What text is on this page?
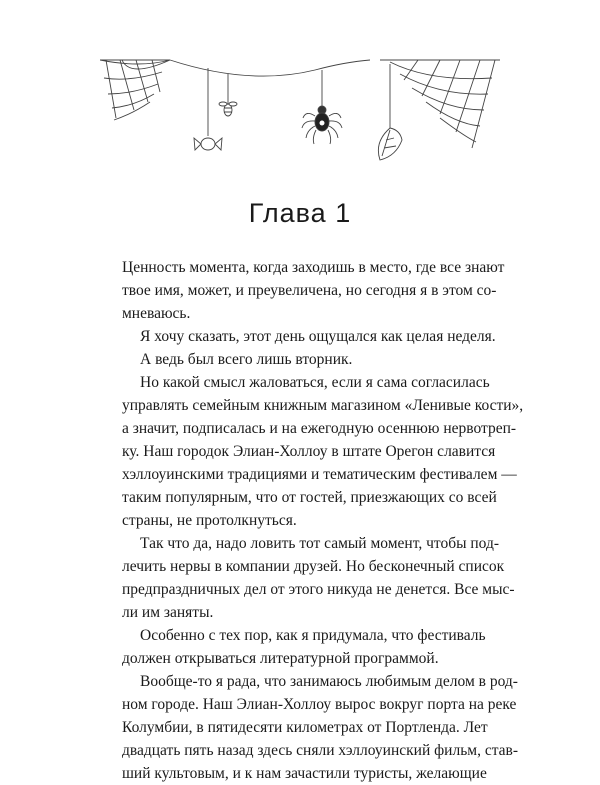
Глава 1
Ценность момента, когда заходишь в место, где все знают
твое имя, может, и преувеличена, но сегодня я в этом со-
мневаюсь.
Я хочу сказать, этот день ощущался как целая неделя.
А ведь был всего лишь вторник.
Но какой смысл жаловаться, если я сама согласилась
управлять семейным книжным магазином «Ленивые кости»,
а значит, подписалась и на ежегодную осеннюю нервотреп-
ку. Наш городок Элиан-Холлоу в штате Орегон славится
хэллоуинскими традициями и тематическим фестивалем —
таким популярным, что от гостей, приезжающих со всей
страны, не протолкнуться.
Так что да, надо ловить тот самый момент, чтобы под-
лечить нервы в компании друзей. Но бесконечный список
предпраздничных дел от этого никуда не денется. Все мыс-
ли им заняты.
Особенно с тех пор, как я придумала, что фестиваль
должен открываться литературной программой.
Вообще-то я рада, что занимаюсь любимым делом в род-
ном городе. Наш Элиан-Холлоу вырос вокруг порта на реке
Колумбии, в пятидесяти километрах от Портленда. Лет
двадцать пять назад здесь сняли хэллоуинский фильм, став-
ший культовым, и к нам зачастили туристы, желающие
